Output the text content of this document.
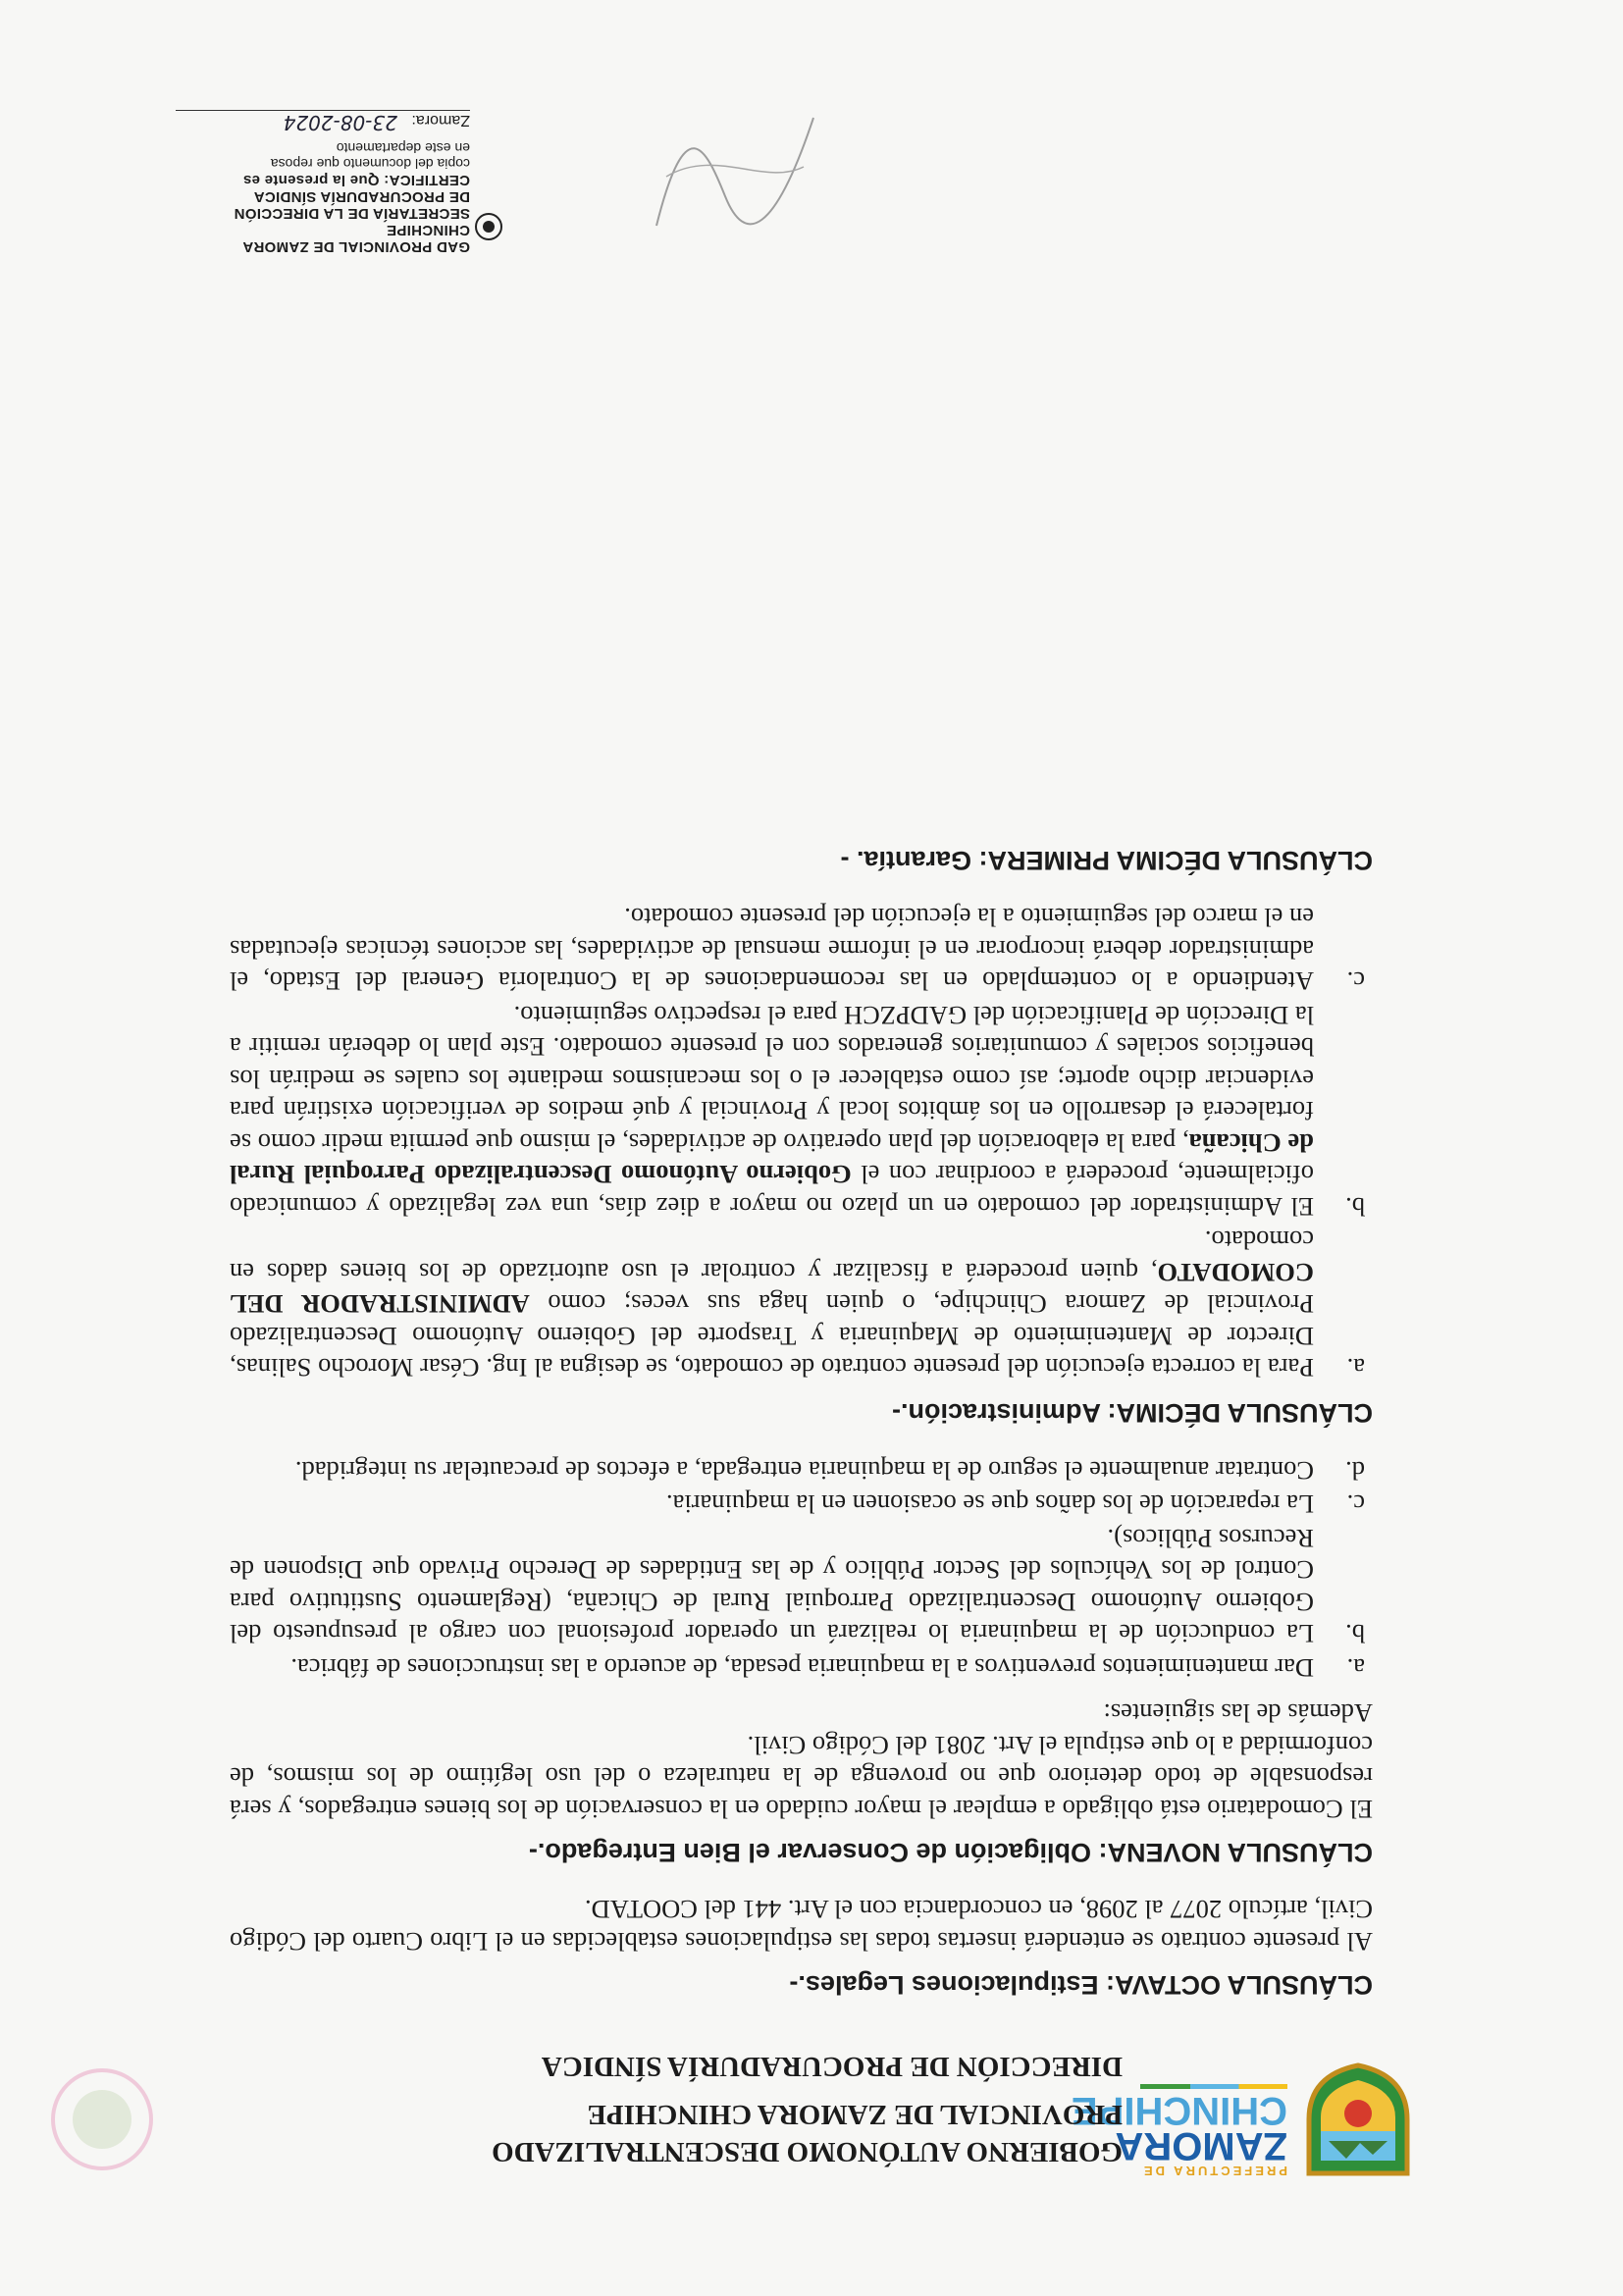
PREFECTURA DE
ZAMORA
CHINCHIPE
GOBIERNO AUTÓNOMO DESCENTRALIZADO
PROVINCIAL DE ZAMORA CHINCHIPE
DIRECCIÓN DE PROCURADURÍA SÍNDICA
CLÁUSULA OCTAVA: Estipulaciones Legales.-

Al presente contrato se entenderá insertas todas las estipulaciones establecidas en el Libro Cuarto del Código Civil, artículo 2077 al 2098, en concordancia con el Art. 441 del COOTAD.

CLÁUSULA NOVENA: Obligación de Conservar el Bien Entregado.-

El Comodatario está obligado a emplear el mayor cuidado en la conservación de los bienes entregados, y será responsable de todo deterioro que no provenga de la naturaleza o del uso legítimo de los mismos, de conformidad a lo que estipula el Art. 2081 del Código Civil.

Además de las siguientes:

a.
Dar mantenimientos preventivos a la maquinaria pesada, de acuerdo a las instrucciones de fábrica.
b.
La conducción de la maquinaria lo realizará un operador profesional con cargo al presupuesto del Gobierno Autónomo Descentralizado Parroquial Rural de Chicaña, (Reglamento Sustitutivo para Control de los Vehículos del Sector Público y de las Entidades de Derecho Privado que Disponen de Recursos Públicos).
c.
La reparación de los daños que se ocasionen en la maquinaria.
d.
Contratar anualmente el seguro de la maquinaria entregada, a efectos de precautelar su integridad.
CLÁUSULA DÉCIMA: Administración.-
a.
Para la correcta ejecución del presente contrato de comodato, se designa al Ing. César Morocho Salinas, Director de Mantenimiento de Maquinaria y Trasporte del Gobierno Autónomo Descentralizado Provincial de Zamora Chinchipe, o quien haga sus veces; como ADMINISTRADOR DEL COMODATO, quien procederá a fiscalizar y controlar el uso autorizado de los bienes dados en comodato.
b.
El Administrador del comodato en un plazo no mayor a diez días, una vez legalizado y comunicado oficialmente, procederá a coordinar con el Gobierno Autónomo Descentralizado Parroquial Rural de Chicaña, para la elaboración del plan operativo de actividades, el mismo que permita medir como se fortalecerá el desarrollo en los ámbitos local y Provincial y qué medios de verificación existirán para evidenciar dicho aporte; así como establecer el o los mecanismos mediante los cuales se medirán los beneficios sociales y comunitarios generados con el presente comodato. Este plan lo deberán remitir a la Dirección de Planificación del GADPZCH para el respectivo seguimiento.
c.
Atendiendo a lo contemplado en las recomendaciones de la Contraloría General del Estado, el administrador deberá incorporar en el informe mensual de actividades, las acciones técnicas ejecutadas en el marco del seguimiento a la ejecución del presente comodato.
CLÁUSULA DÉCIMA PRIMERA: Garantía. -
GAD PROVINCIAL DE ZAMORA CHINCHIPE
SECRETARÍA DE LA DIRECCIÓN
DE PROCURADURÍA SÍNDICA
CERTIFICA: Que la presente es
copia del documento que reposa
en este departamento
Zamora: 23-08-2024
